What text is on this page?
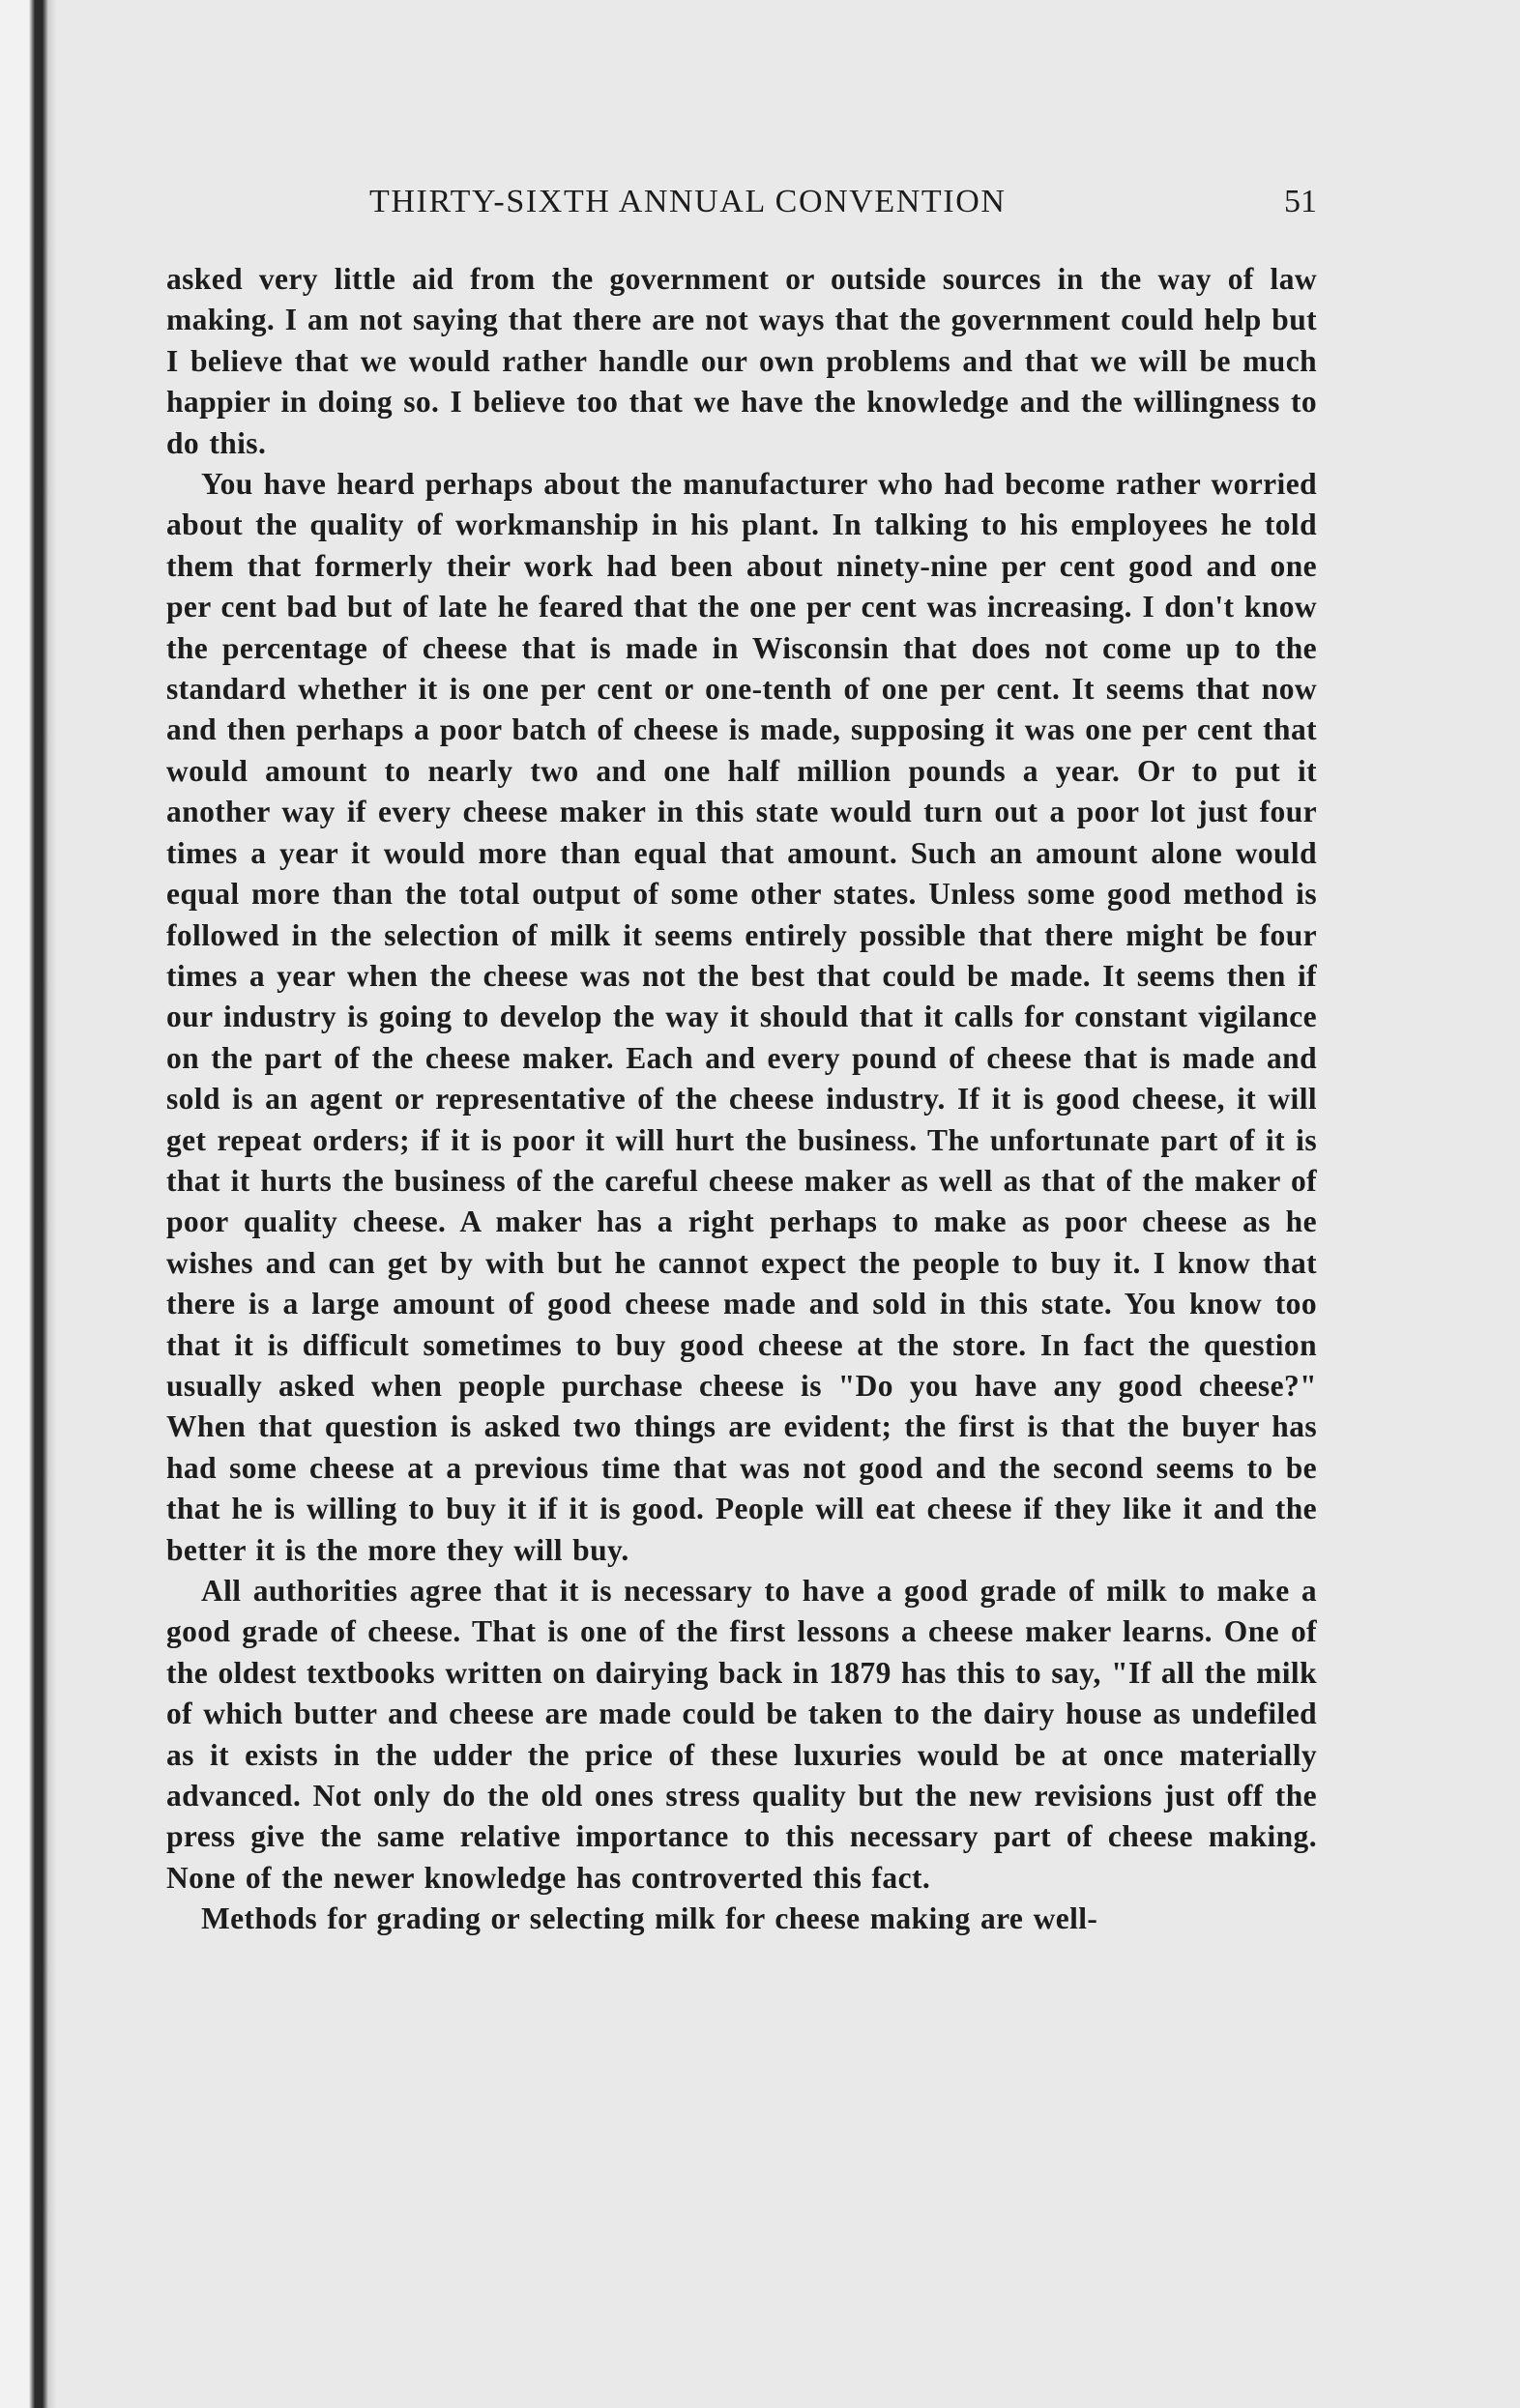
THIRTY-SIXTH ANNUAL CONVENTION	51

asked very little aid from the government or outside sources in the way of law making. I am not saying that there are not ways that the government could help but I believe that we would rather handle our own problems and that we will be much happier in doing so. I believe too that we have the knowledge and the willingness to do this.

You have heard perhaps about the manufacturer who had become rather worried about the quality of workmanship in his plant. In talking to his employees he told them that formerly their work had been about ninety-nine per cent good and one per cent bad but of late he feared that the one per cent was increasing. I don't know the percentage of cheese that is made in Wisconsin that does not come up to the standard whether it is one per cent or one-tenth of one per cent. It seems that now and then perhaps a poor batch of cheese is made, supposing it was one per cent that would amount to nearly two and one half million pounds a year. Or to put it another way if every cheese maker in this state would turn out a poor lot just four times a year it would more than equal that amount. Such an amount alone would equal more than the total output of some other states. Unless some good method is followed in the selection of milk it seems entirely possible that there might be four times a year when the cheese was not the best that could be made. It seems then if our industry is going to develop the way it should that it calls for constant vigilance on the part of the cheese maker. Each and every pound of cheese that is made and sold is an agent or representative of the cheese industry. If it is good cheese, it will get repeat orders; if it is poor it will hurt the business. The unfortunate part of it is that it hurts the business of the careful cheese maker as well as that of the maker of poor quality cheese. A maker has a right perhaps to make as poor cheese as he wishes and can get by with but he cannot expect the people to buy it. I know that there is a large amount of good cheese made and sold in this state. You know too that it is difficult sometimes to buy good cheese at the store. In fact the question usually asked when people purchase cheese is "Do you have any good cheese?" When that question is asked two things are evident; the first is that the buyer has had some cheese at a previous time that was not good and the second seems to be that he is willing to buy it if it is good. People will eat cheese if they like it and the better it is the more they will buy.

All authorities agree that it is necessary to have a good grade of milk to make a good grade of cheese. That is one of the first lessons a cheese maker learns. One of the oldest textbooks written on dairying back in 1879 has this to say, "If all the milk of which butter and cheese are made could be taken to the dairy house as undefiled as it exists in the udder the price of these luxuries would be at once materially advanced. Not only do the old ones stress quality but the new revisions just off the press give the same relative importance to this necessary part of cheese making. None of the newer knowledge has controverted this fact.

Methods for grading or selecting milk for cheese making are well-
